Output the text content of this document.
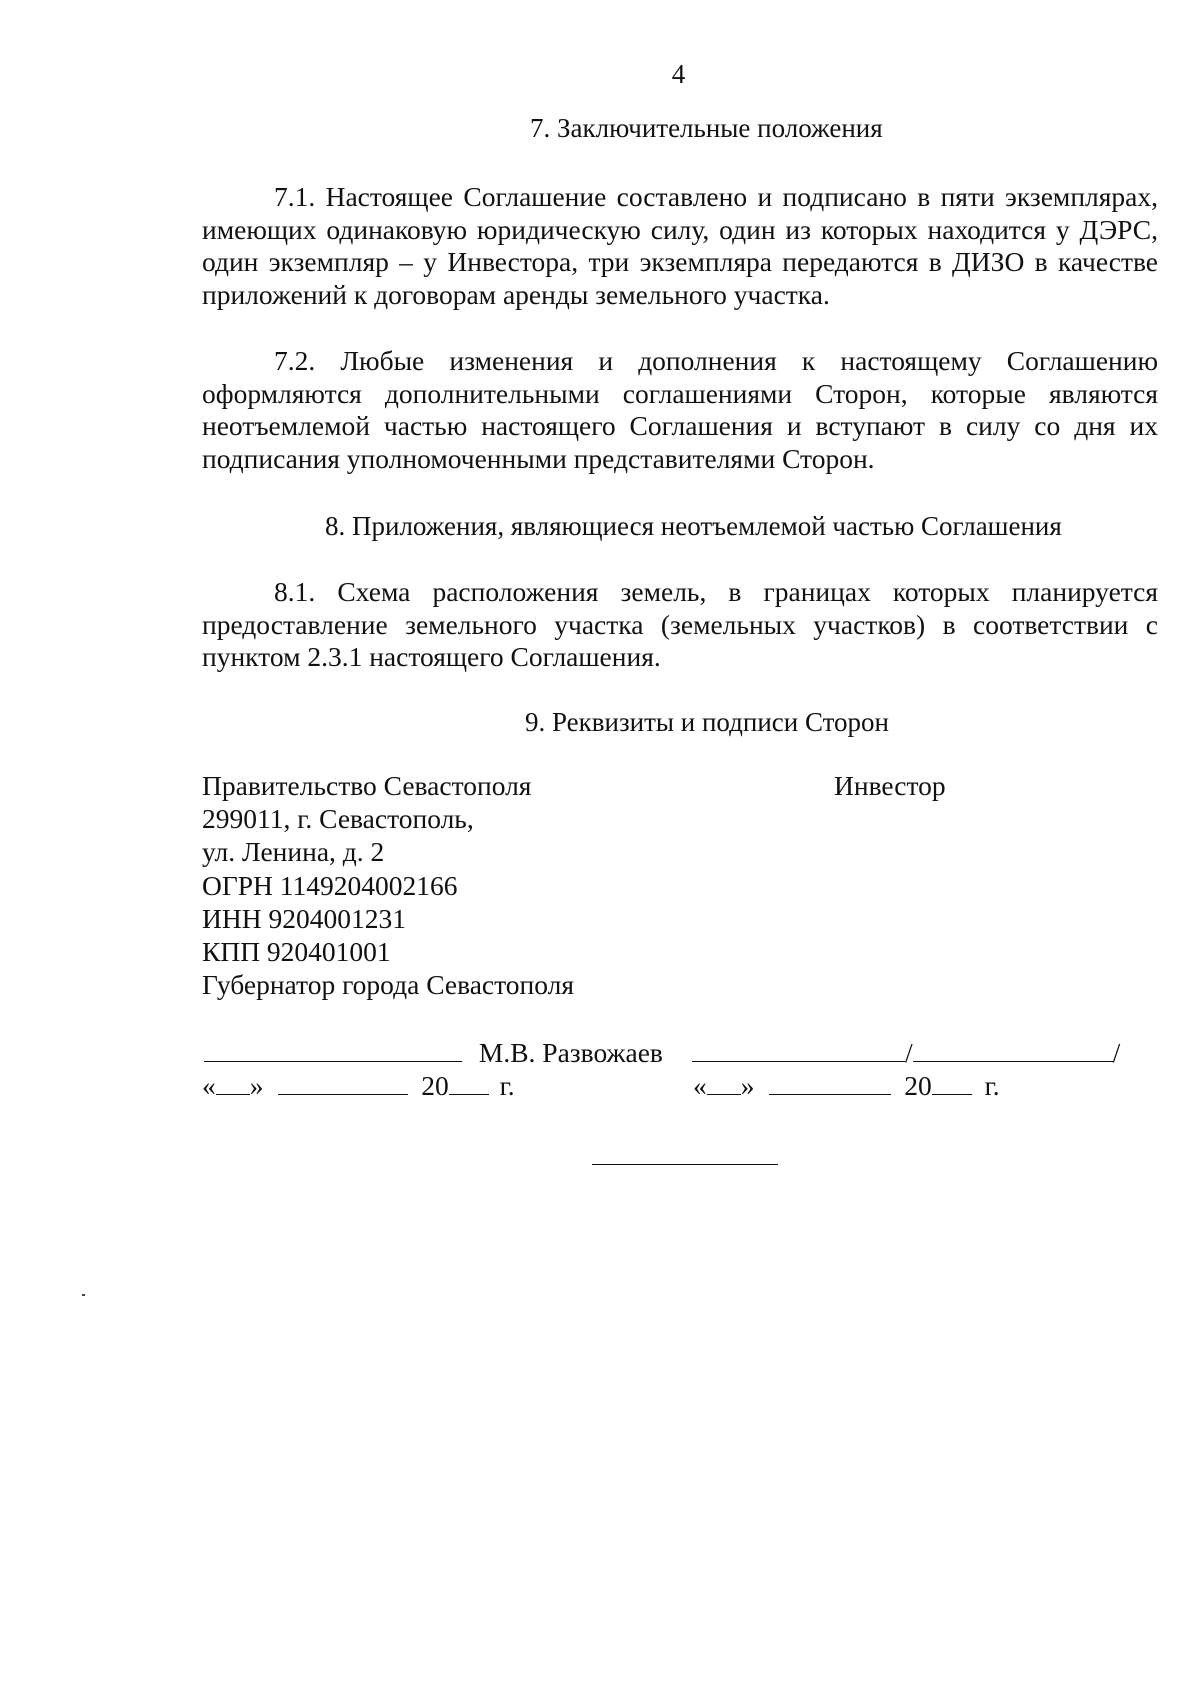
4
7. Заключительные положения
7.1. Настоящее Соглашение составлено и подписано в пяти экземплярах, имеющих одинаковую юридическую силу, один из которых находится у ДЭРС, один экземпляр – у Инвестора, три экземпляра передаются в ДИЗО в качестве приложений к договорам аренды земельного участка.
7.2. Любые изменения и дополнения к настоящему Соглашению оформляются дополнительными соглашениями Сторон, которые являются неотъемлемой частью настоящего Соглашения и вступают в силу со дня их подписания уполномоченными представителями Сторон.
8. Приложения, являющиеся неотъемлемой частью Соглашения
8.1. Схема расположения земель, в границах которых планируется предоставление земельного участка (земельных участков) в соответствии с пунктом 2.3.1 настоящего Соглашения.
9. Реквизиты и подписи Сторон
Правительство Севастополя
299011, г. Севастополь,
ул. Ленина, д. 2
ОГРН 1149204002166
ИНН 9204001231
КПП 920401001
Губернатор города Севастополя
Инвестор
М.В. Развожаев	/	/
« »	20 г.	« »	20 г.
